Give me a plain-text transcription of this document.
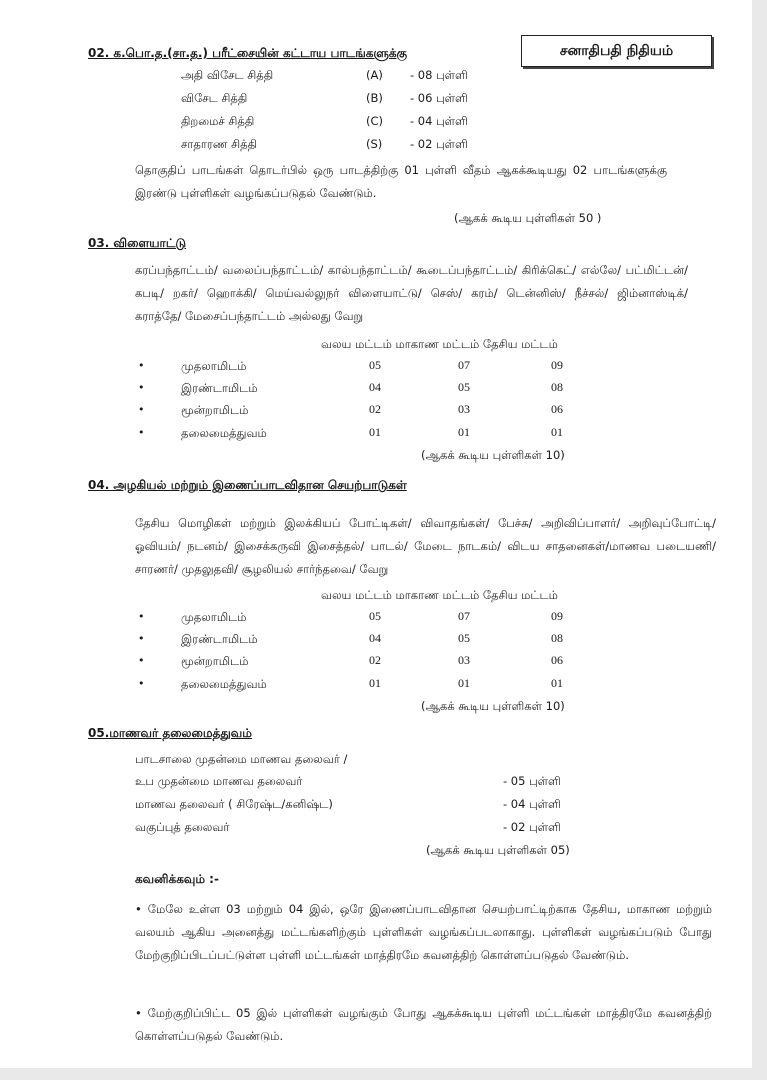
சனாதிபதி நிதியம்
02. க.பொ.த.(சா.த.) பரீட்சையின் கட்டாய பாடங்களுக்கு
அதி விசேட சித்தி	(A) - 08 புள்ளி
விசேட சித்தி	(B) - 06 புள்ளி
திறமைச் சித்தி	(C) - 04 புள்ளி
சாதாரண சித்தி	(S) - 02 புள்ளி
தொகுதிப் பாடங்கள் தொடர்பில் ஒரு பாடத்திற்கு 01 புள்ளி வீதம் ஆகக்கூடியது 02 பாடங்களுக்கு இரண்டு புள்ளிகள் வழங்கப்படுதல் வேண்டும்.
(ஆகக் கூடிய புள்ளிகள் 50 )
03. விளையாட்டு
கரப்பந்தாட்டம்/ வலைப்பந்தாட்டம்/ கால்பந்தாட்டம்/ கூடைப்பந்தாட்டம்/ கிரிக்கெட்/ எல்லே/ பட்மிட்டன்/ கபடி/ றகர்/ ஹொக்கி/ மெய்வல்லுநர் விளையாட்டு/ செஸ்/ கரம்/ டென்னிஸ்/ நீச்சல்/ ஜிம்னாஸ்டிக்/ கராத்தே/ மேசைப்பந்தாட்டம் அல்லது வேறு
வலய மட்டம் மாகாண மட்டம் தேசிய மட்டம்
•	முதலாமிடம்	05	07	09
•	இரண்டாமிடம்	04	05	08
•	மூன்றாமிடம்	02	03	06
•	தலைமைத்துவம்	01	01	01
(ஆகக் கூடிய புள்ளிகள் 10)
04. அழகியல் மற்றும் இணைப்பாடவிதான செயற்பாடுகள்
தேசிய மொழிகள் மற்றும் இலக்கியப் போட்டிகள்/ விவாதங்கள்/ பேச்சு/ அறிவிப்பாளர்/ அறிவுப்போட்டி/ ஓவியம்/ நடனம்/ இசைக்கருவி இசைத்தல்/ பாடல்/ மேடை நாடகம்/ விடய சாதனைகள்/மாணவ படையணி/ சாரணர்/ முதலுதவி/ சூழலியல் சார்ந்தவை/ வேறு
வலய மட்டம் மாகாண மட்டம் தேசிய மட்டம்
•	முதலாமிடம்	05	07	09
•	இரண்டாமிடம்	04	05	08
•	மூன்றாமிடம்	02	03	06
•	தலைமைத்துவம்	01	01	01
(ஆகக் கூடிய புள்ளிகள் 10)
05.மாணவர் தலைமைத்துவம்
பாடசாலை முதன்மை மாணவ தலைவர் /
உப முதன்மை மாணவ தலைவர்	- 05 புள்ளி
மாணவ தலைவர் ( சிரேஷ்ட/கனிஷ்ட)	- 04 புள்ளி
வகுப்புத் தலைவர்	- 02 புள்ளி
(ஆகக் கூடிய புள்ளிகள் 05)
கவனிக்கவும் :-
• மேலே உள்ள 03 மற்றும் 04 இல், ஒரே இணைப்பாடவிதான செயற்பாட்டிற்காக தேசிய, மாகாண மற்றும் வலயம் ஆகிய அனைத்து மட்டங்களிற்கும் புள்ளிகள் வழங்கப்படலாகாது. புள்ளிகள் வழங்கப்படும் போது மேற்குறிப்பிடப்பட்டுள்ள புள்ளி மட்டங்கள் மாத்திரமே கவனத்திற் கொள்ளப்படுதல் வேண்டும்.
• மேற்குறிப்பிட்ட 05 இல் புள்ளிகள் வழங்கும் போது ஆகக்கூடிய புள்ளி மட்டங்கள் மாத்திரமே கவனத்திற் கொள்ளப்படுதல் வேண்டும்.
